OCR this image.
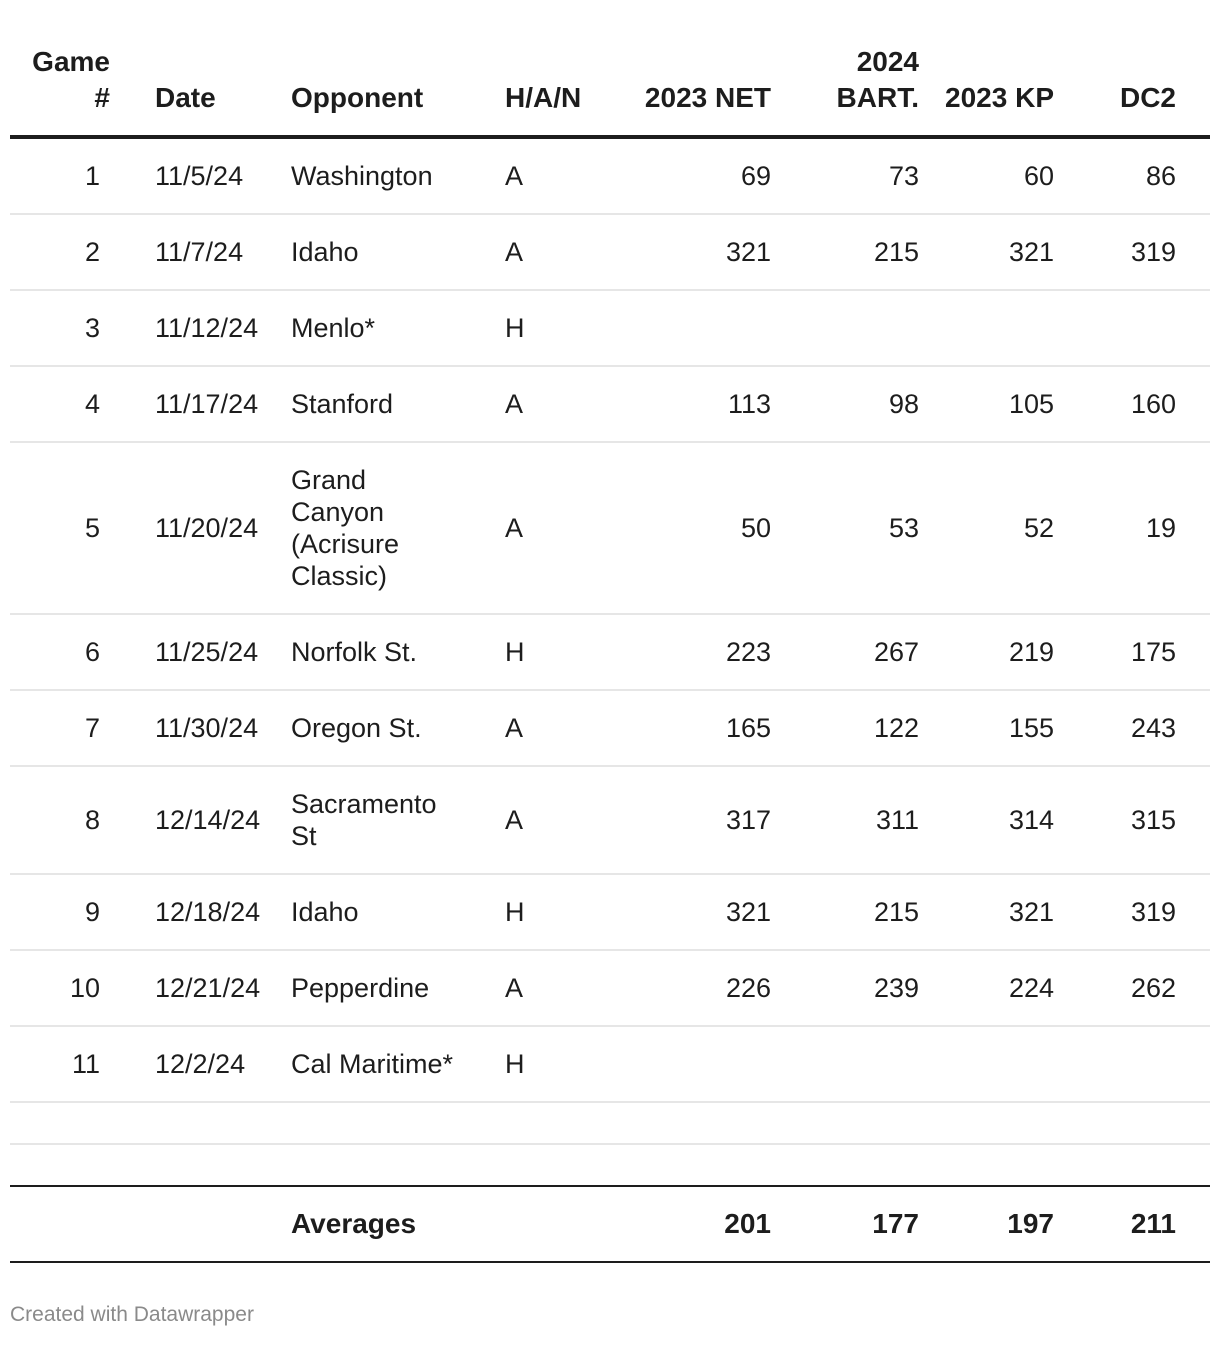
Game #	Date	Opponent	H/A/N	2023 NET	2024 BART.	2023 KP	DC2
1	11/5/24	Washington	A	69	73	60	86
2	11/7/24	Idaho	A	321	215	321	319
3	11/12/24	Menlo*	H				
4	11/17/24	Stanford	A	113	98	105	160
5	11/20/24	Grand Canyon (Acrisure Classic)	A	50	53	52	19
6	11/25/24	Norfolk St.	H	223	267	219	175
7	11/30/24	Oregon St.	A	165	122	155	243
8	12/14/24	Sacramento St	A	317	311	314	315
9	12/18/24	Idaho	H	321	215	321	319
10	12/21/24	Pepperdine	A	226	239	224	262
11	12/2/24	Cal Maritime*	H				

		Averages		201	177	197	211
Created with Datawrapper
